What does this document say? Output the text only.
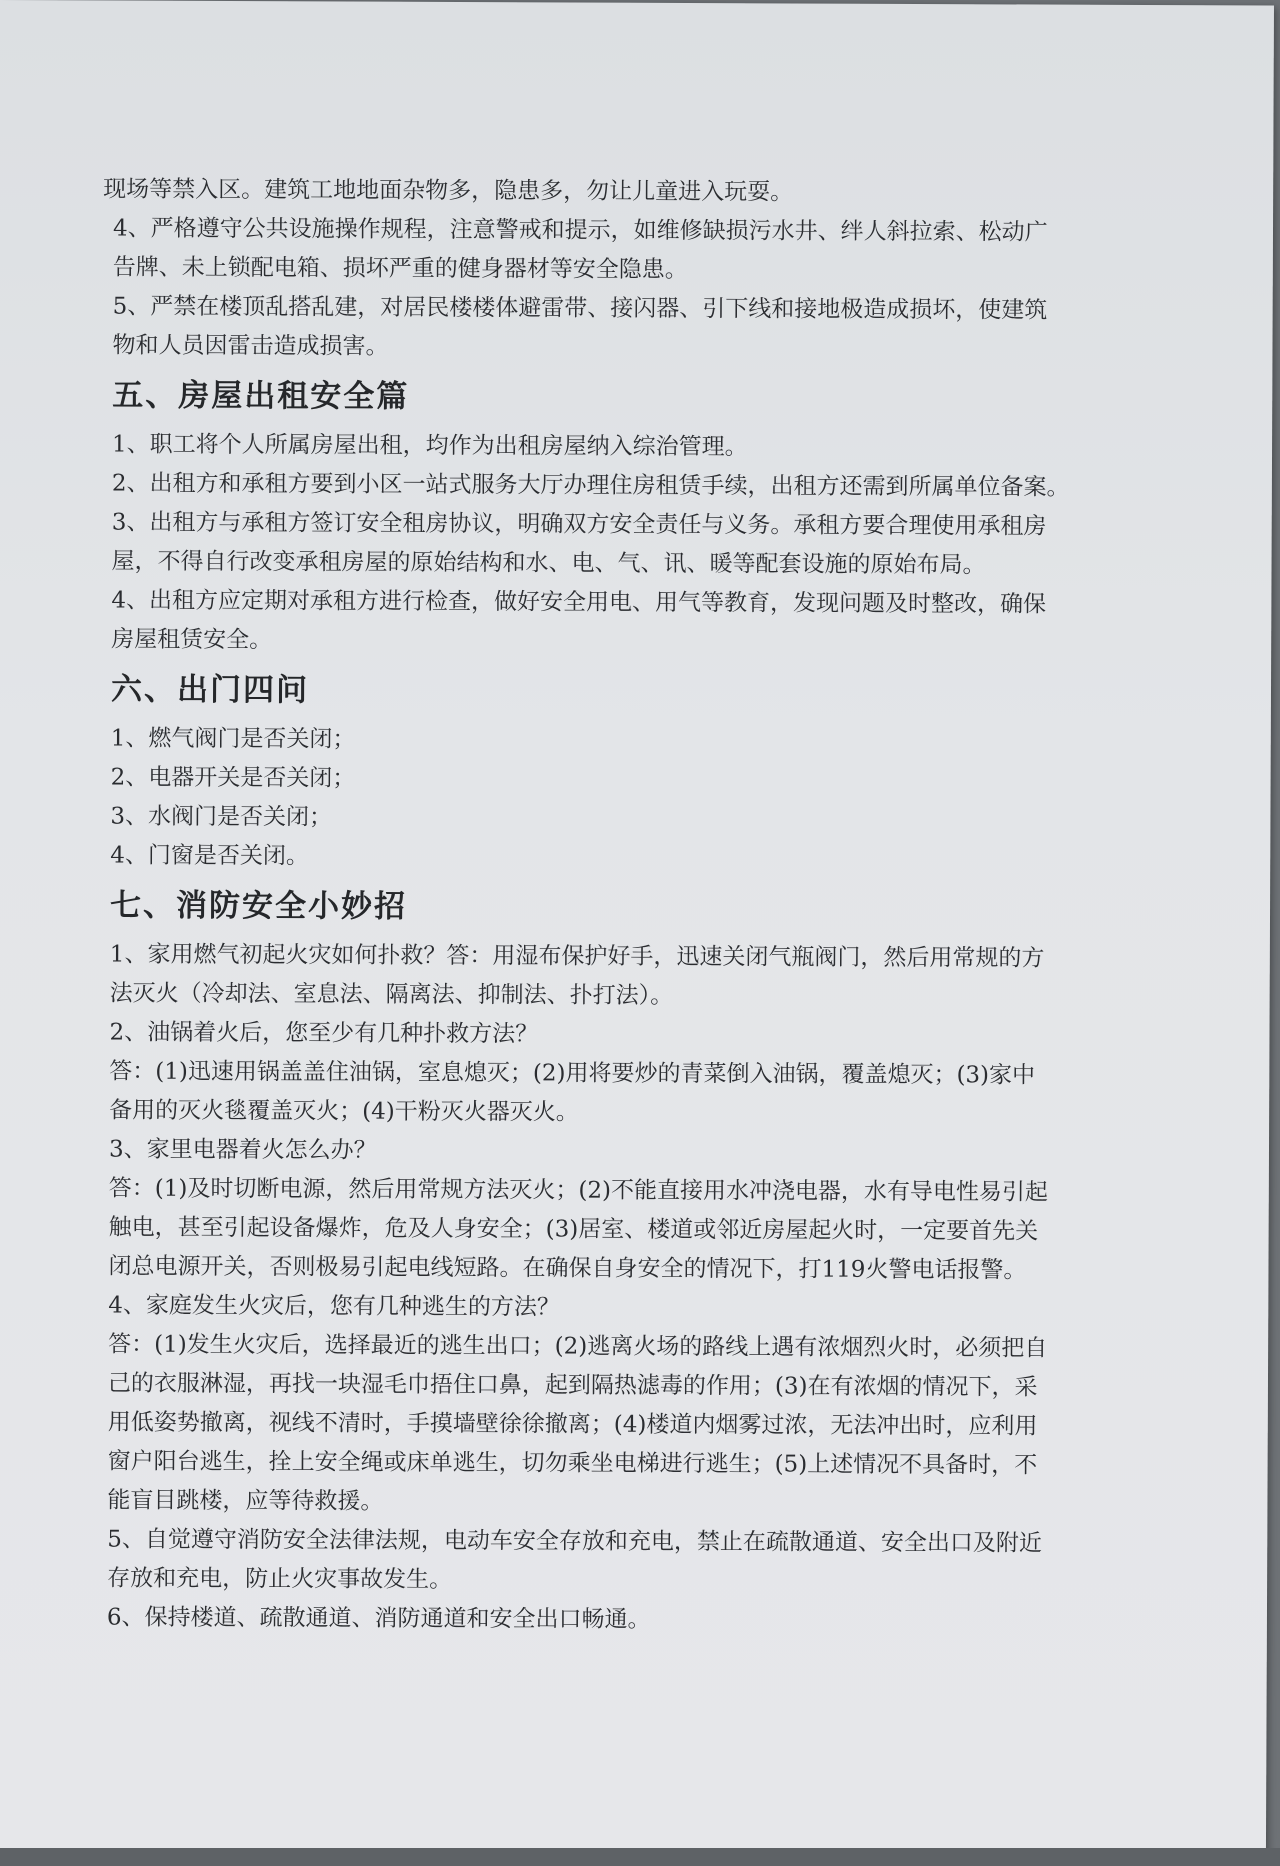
现场等禁入区。建筑工地地面杂物多，隐患多，勿让儿童进入玩耍。

4、严格遵守公共设施操作规程，注意警戒和提示，如维修缺损污水井、绊人斜拉索、松动广

告牌、未上锁配电箱、损坏严重的健身器材等安全隐患。

5、严禁在楼顶乱搭乱建，对居民楼楼体避雷带、接闪器、引下线和接地极造成损坏，使建筑

物和人员因雷击造成损害。

五、房屋出租安全篇

1、职工将个人所属房屋出租，均作为出租房屋纳入综治管理。

2、出租方和承租方要到小区一站式服务大厅办理住房租赁手续，出租方还需到所属单位备案。

3、出租方与承租方签订安全租房协议，明确双方安全责任与义务。承租方要合理使用承租房

屋，不得自行改变承租房屋的原始结构和水、电、气、讯、暖等配套设施的原始布局。

4、出租方应定期对承租方进行检查，做好安全用电、用气等教育，发现问题及时整改，确保

房屋租赁安全。

六、出门四问

1、燃气阀门是否关闭；

2、电器开关是否关闭；

3、水阀门是否关闭；

4、门窗是否关闭。

七、消防安全小妙招

1、家用燃气初起火灾如何扑救？答：用湿布保护好手，迅速关闭气瓶阀门，然后用常规的方

法灭火（冷却法、室息法、隔离法、抑制法、扑打法）。

2、油锅着火后，您至少有几种扑救方法？

答：(1)迅速用锅盖盖住油锅，室息熄灭；(2)用将要炒的青菜倒入油锅，覆盖熄灭；(3)家中

备用的灭火毯覆盖灭火；(4)干粉灭火器灭火。

3、家里电器着火怎么办？

答：(1)及时切断电源，然后用常规方法灭火；(2)不能直接用水冲浇电器，水有导电性易引起

触电，甚至引起设备爆炸，危及人身安全；(3)居室、楼道或邻近房屋起火时，一定要首先关

闭总电源开关，否则极易引起电线短路。在确保自身安全的情况下，打119火警电话报警。

4、家庭发生火灾后，您有几种逃生的方法？

答：(1)发生火灾后，选择最近的逃生出口；(2)逃离火场的路线上遇有浓烟烈火时，必须把自

己的衣服淋湿，再找一块湿毛巾捂住口鼻，起到隔热滤毒的作用；(3)在有浓烟的情况下，采

用低姿势撤离，视线不清时，手摸墙壁徐徐撤离；(4)楼道内烟雾过浓，无法冲出时，应利用

窗户阳台逃生，拴上安全绳或床单逃生，切勿乘坐电梯进行逃生；(5)上述情况不具备时，不

能盲目跳楼，应等待救援。

5、自觉遵守消防安全法律法规，电动车安全存放和充电，禁止在疏散通道、安全出口及附近

存放和充电，防止火灾事故发生。

6、保持楼道、疏散通道、消防通道和安全出口畅通。
